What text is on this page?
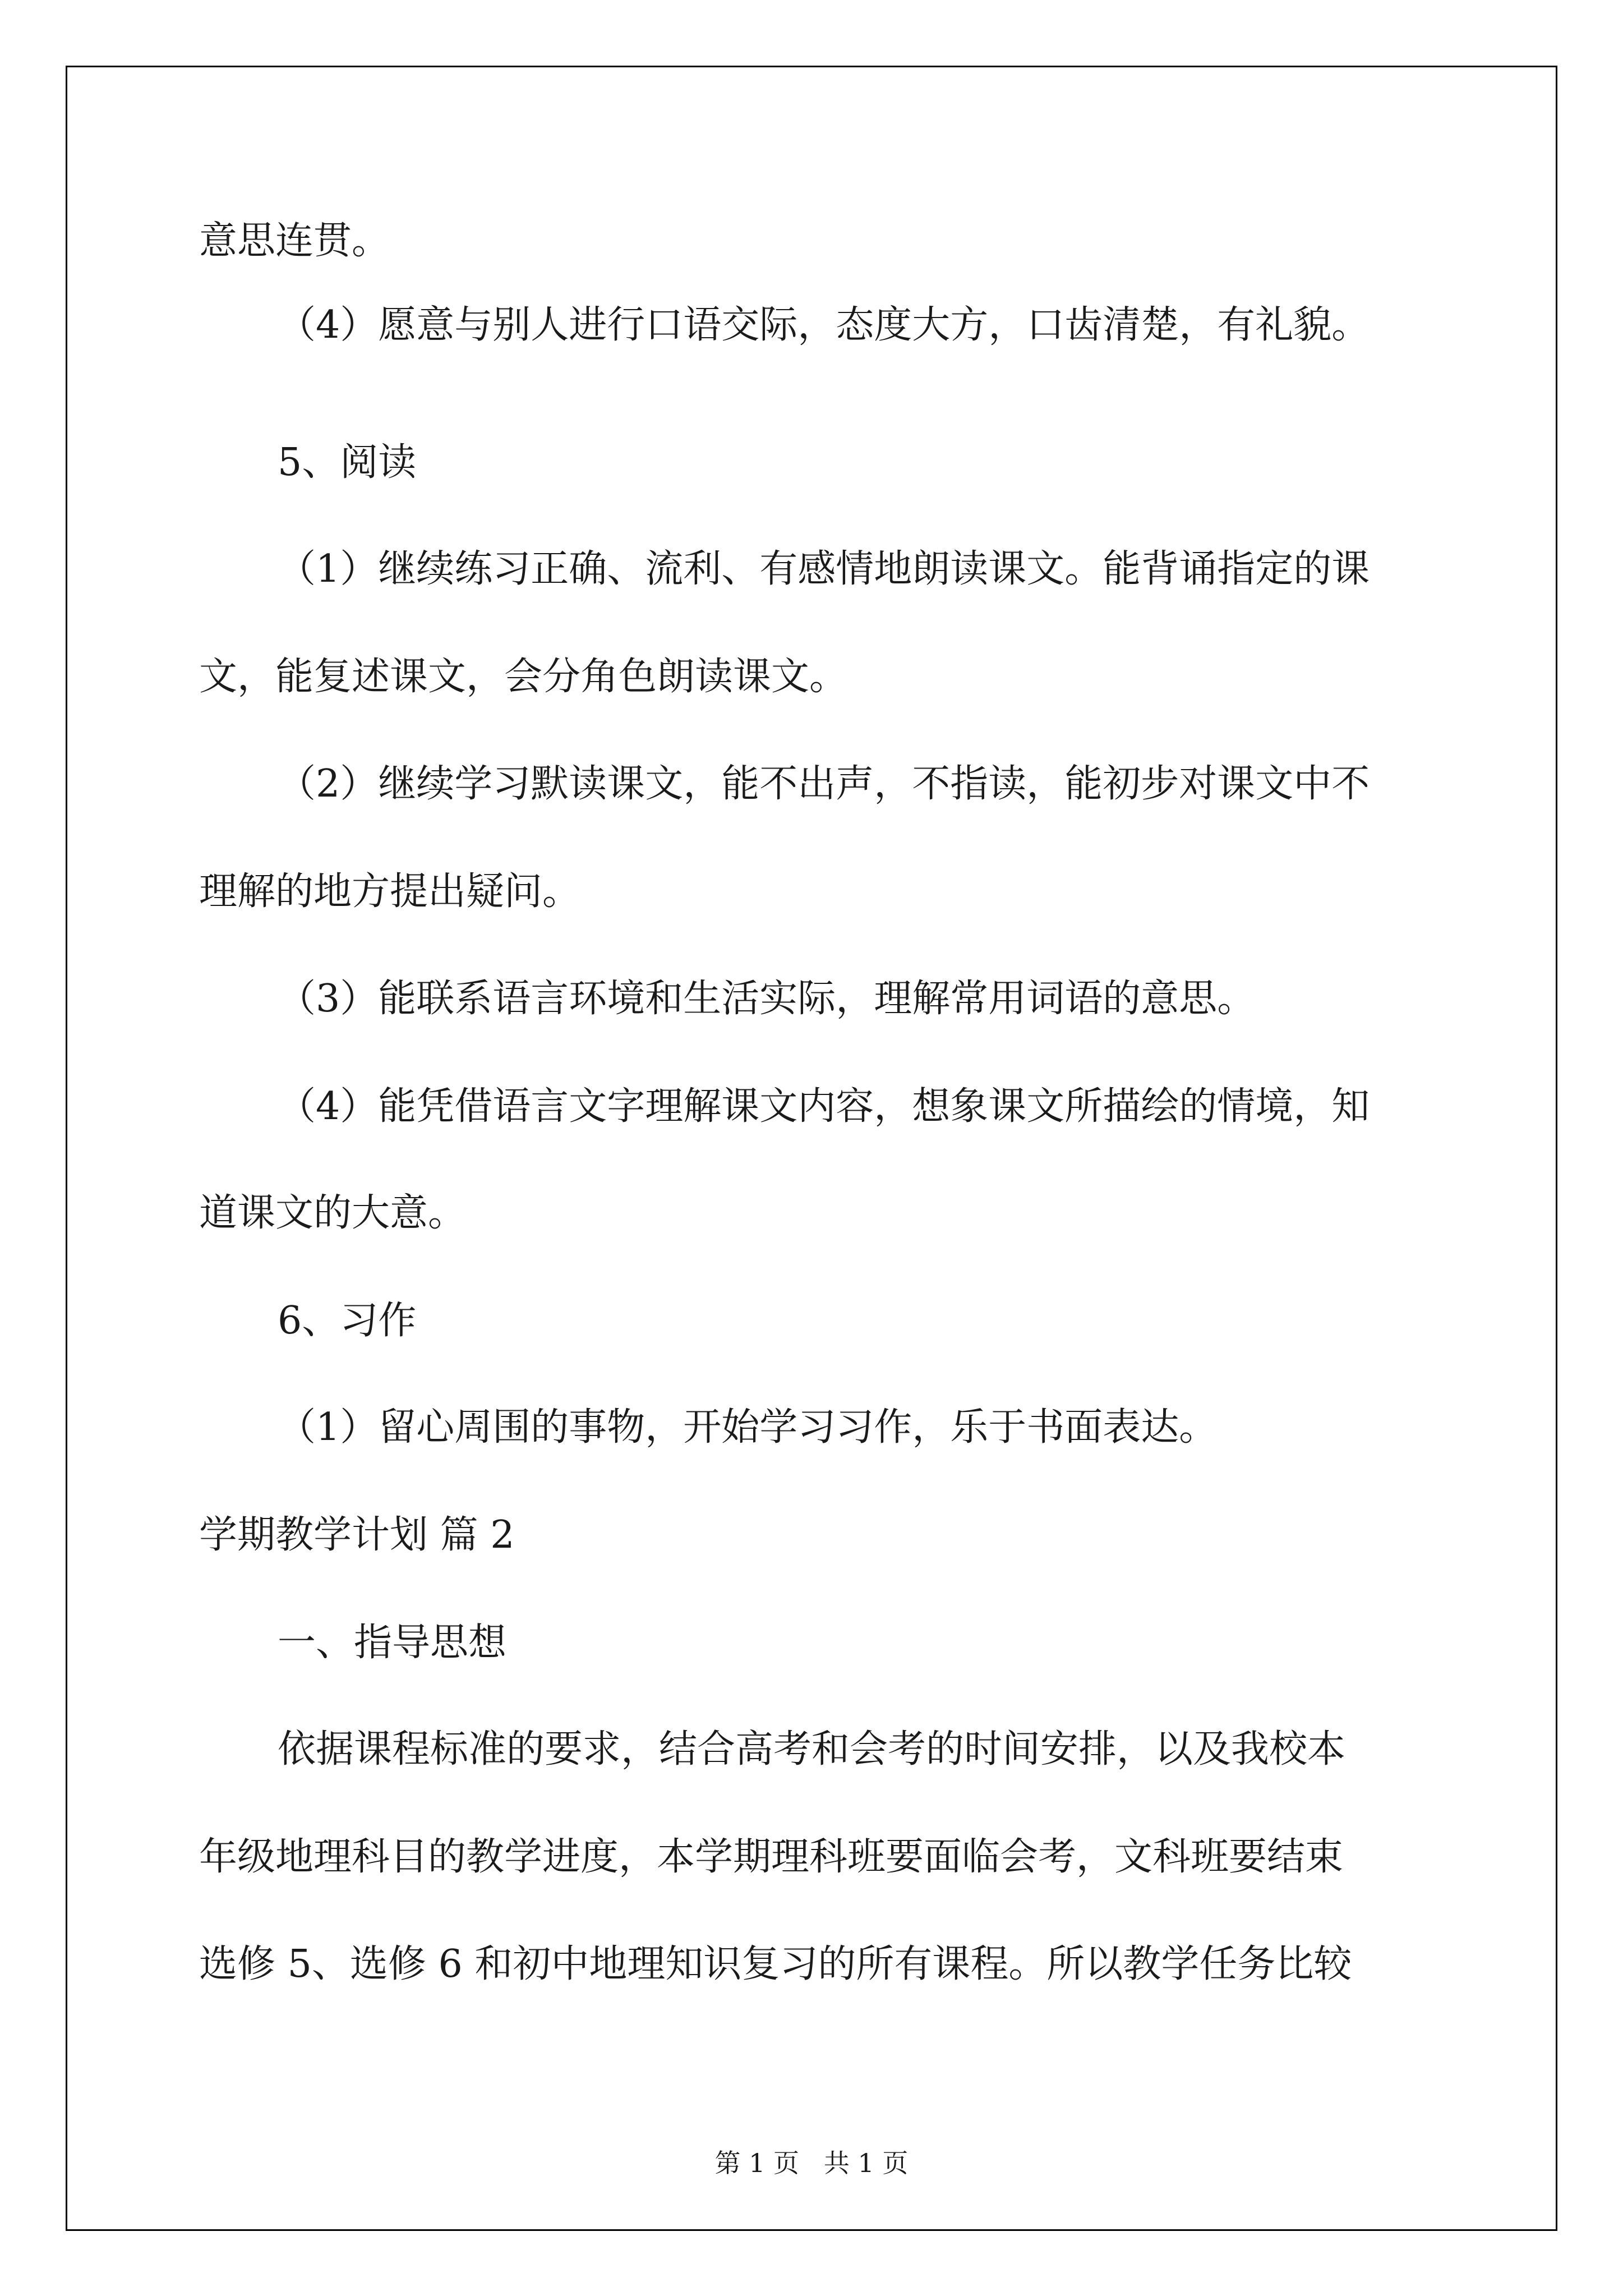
意思连贯。
（4）愿意与别人进行口语交际，态度大方，口齿清楚，有礼貌。
5、阅读
（1）继续练习正确、流利、有感情地朗读课文。能背诵指定的课
文，能复述课文，会分角色朗读课文。
（2）继续学习默读课文，能不出声，不指读，能初步对课文中不
理解的地方提出疑问。
（3）能联系语言环境和生活实际，理解常用词语的意思。
（4）能凭借语言文字理解课文内容，想象课文所描绘的情境，知
道课文的大意。
6、习作
（1）留心周围的事物，开始学习习作，乐于书面表达。
学期教学计划 篇 2
一、指导思想
依据课程标准的要求，结合高考和会考的时间安排，以及我校本
年级地理科目的教学进度，本学期理科班要面临会考，文科班要结束
选修 5、选修 6 和初中地理知识复习的所有课程。所以教学任务比较
第 1 页   共 1 页
